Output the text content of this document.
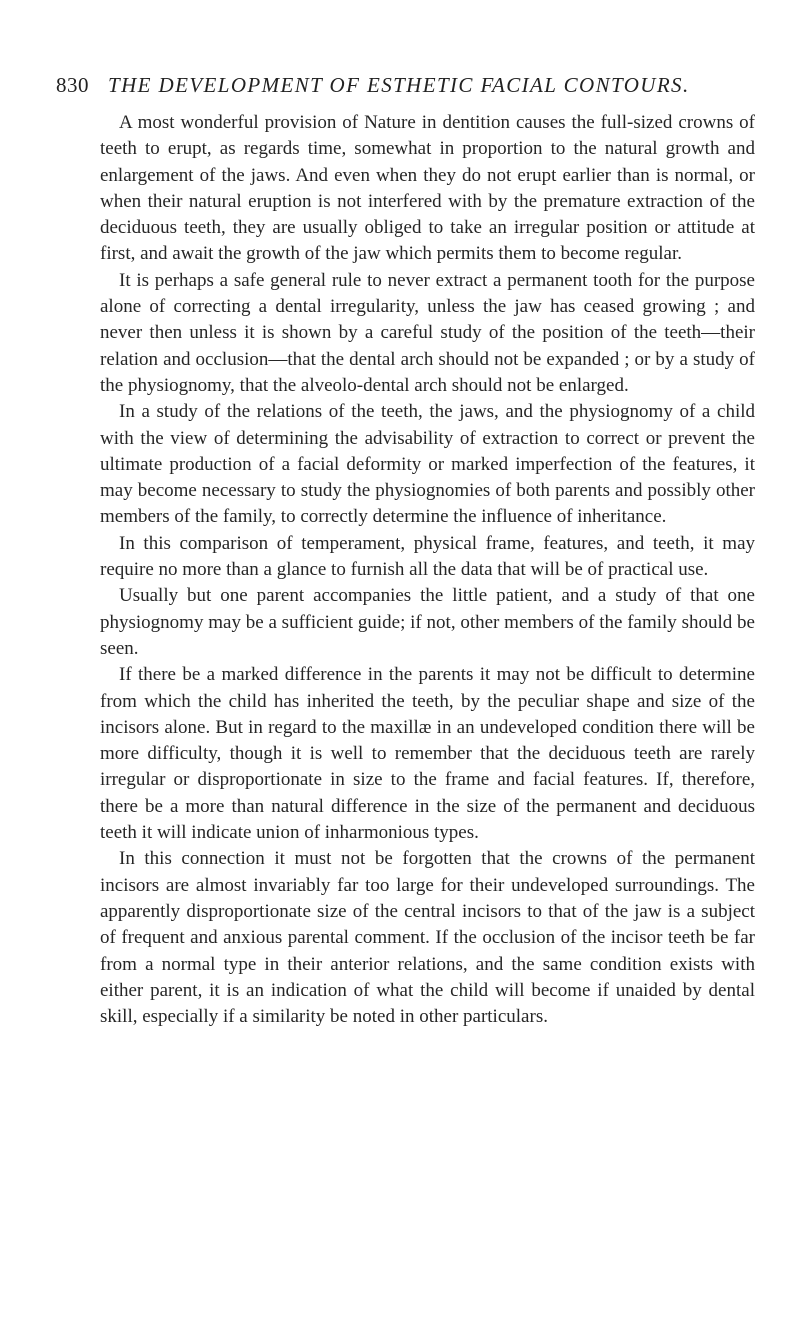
830 THE DEVELOPMENT OF ESTHETIC FACIAL CONTOURS.

A most wonderful provision of Nature in dentition causes the full-sized crowns of teeth to erupt, as regards time, somewhat in proportion to the natural growth and enlargement of the jaws. And even when they do not erupt earlier than is normal, or when their natural eruption is not interfered with by the premature extraction of the deciduous teeth, they are usually obliged to take an irregular position or attitude at first, and await the growth of the jaw which permits them to become regular.

It is perhaps a safe general rule to never extract a permanent tooth for the purpose alone of correcting a dental irregularity, unless the jaw has ceased growing ; and never then unless it is shown by a careful study of the position of the teeth—their relation and occlusion—that the dental arch should not be expanded ; or by a study of the physiognomy, that the alveolo-dental arch should not be enlarged.

In a study of the relations of the teeth, the jaws, and the physiognomy of a child with the view of determining the advisability of extraction to correct or prevent the ultimate production of a facial deformity or marked imperfection of the features, it may become necessary to study the physiognomies of both parents and possibly other members of the family, to correctly determine the influence of inheritance.

In this comparison of temperament, physical frame, features, and teeth, it may require no more than a glance to furnish all the data that will be of practical use.

Usually but one parent accompanies the little patient, and a study of that one physiognomy may be a sufficient guide; if not, other members of the family should be seen.

If there be a marked difference in the parents it may not be difficult to determine from which the child has inherited the teeth, by the peculiar shape and size of the incisors alone. But in regard to the maxillæ in an undeveloped condition there will be more difficulty, though it is well to remember that the deciduous teeth are rarely irregular or disproportionate in size to the frame and facial features. If, therefore, there be a more than natural difference in the size of the permanent and deciduous teeth it will indicate union of inharmonious types.

In this connection it must not be forgotten that the crowns of the permanent incisors are almost invariably far too large for their undeveloped surroundings. The apparently disproportionate size of the central incisors to that of the jaw is a subject of frequent and anxious parental comment. If the occlusion of the incisor teeth be far from a normal type in their anterior relations, and the same condition exists with either parent, it is an indication of what the child will become if unaided by dental skill, especially if a similarity be noted in other particulars.
